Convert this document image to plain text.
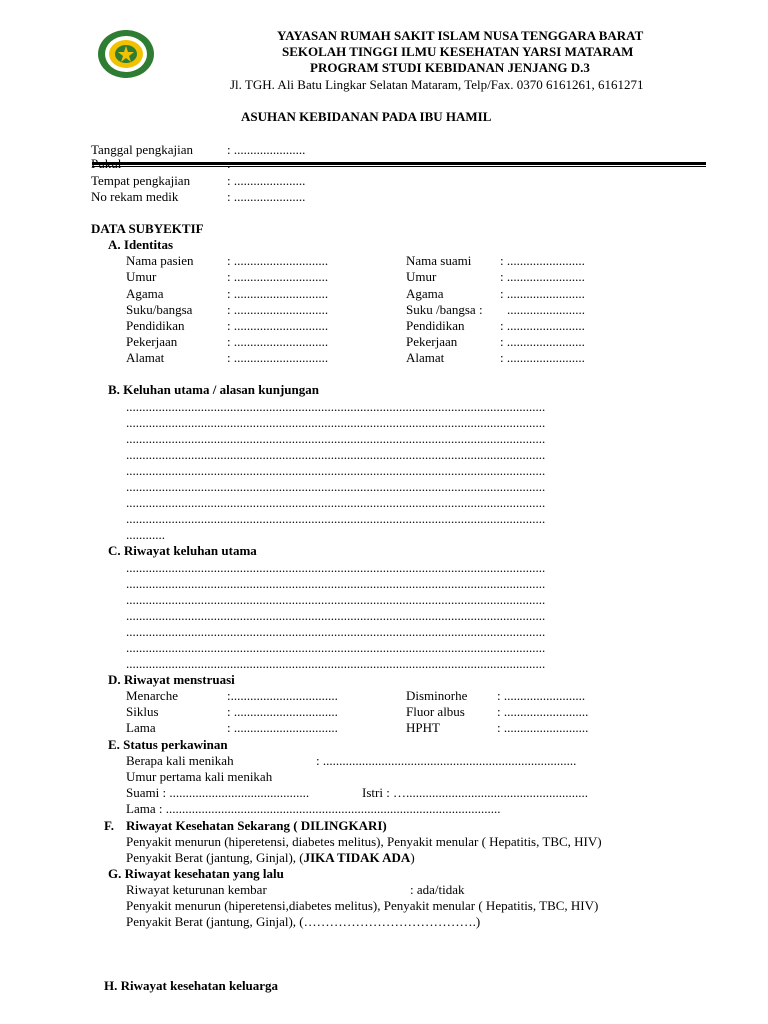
YAYASAN RUMAH SAKIT ISLAM NUSA TENGGARA BARAT
SEKOLAH TINGGI ILMU KESEHATAN YARSI MATARAM
PROGRAM STUDI KEBIDANAN JENJANG D.3
Jl. TGH. Ali Batu Lingkar Selatan Mataram, Telp/Fax. 0370 6161261, 6161271
ASUHAN KEBIDANAN PADA IBU HAMIL
Tanggal pengkajian	: ......................
Tempat pengkajian	: ......................
No rekam medik	: ......................
DATA SUBYEKTIF
A. Identitas
Nama pasien	: .............................
Umur	: .............................
Agama	: .............................
Suku/bangsa	: .............................
Pendidikan	: .............................
Pekerjaan	: .............................
Alamat	: .............................
Nama suami : ........................
Umur	: ........................
Agama	: ........................
Suku /bangsa : ........................
Pendidikan	: ........................
Pekerjaan	: ........................
Alamat	: ........................
B. Keluhan utama / alasan kunjungan
.................................................................................................................................
.................................................................................................................................
.................................................................................................................................
.................................................................................................................................
.................................................................................................................................
.................................................................................................................................
.................................................................................................................................
.................................................................................................................................
............
C. Riwayat keluhan utama
.................................................................................................................................
.................................................................................................................................
.................................................................................................................................
.................................................................................................................................
.................................................................................................................................
.................................................................................................................................
.................................................................................................................................
D. Riwayat menstruasi
Menarche	:.................................
Siklus	: ................................
Lama	: ................................
Disminorhe : .........................
Fluor albus : ..........................
HPHT	: ..........................
E. Status perkawinan
Berapa kali menikah	: ..............................................................................
Umur pertama kali menikah
Suami : ...........................................	Istri : …........................................................
Lama : .......................................................................................................
F. Riwayat Kesehatan Sekarang ( DILINGKARI)
Penyakit menurun (hiperetensi, diabetes melitus), Penyakit menular ( Hepatitis, TBC, HIV)
Penyakit Berat (jantung, Ginjal), (JIKA TIDAK ADA)
G. Riwayat kesehatan yang lalu
Riwayat keturunan kembar	: ada/tidak
Penyakit menurun (hiperetensi,diabetes melitus), Penyakit menular ( Hepatitis, TBC, HIV)
Penyakit Berat (jantung, Ginjal), (………………………………….)
H. Riwayat kesehatan keluarga
